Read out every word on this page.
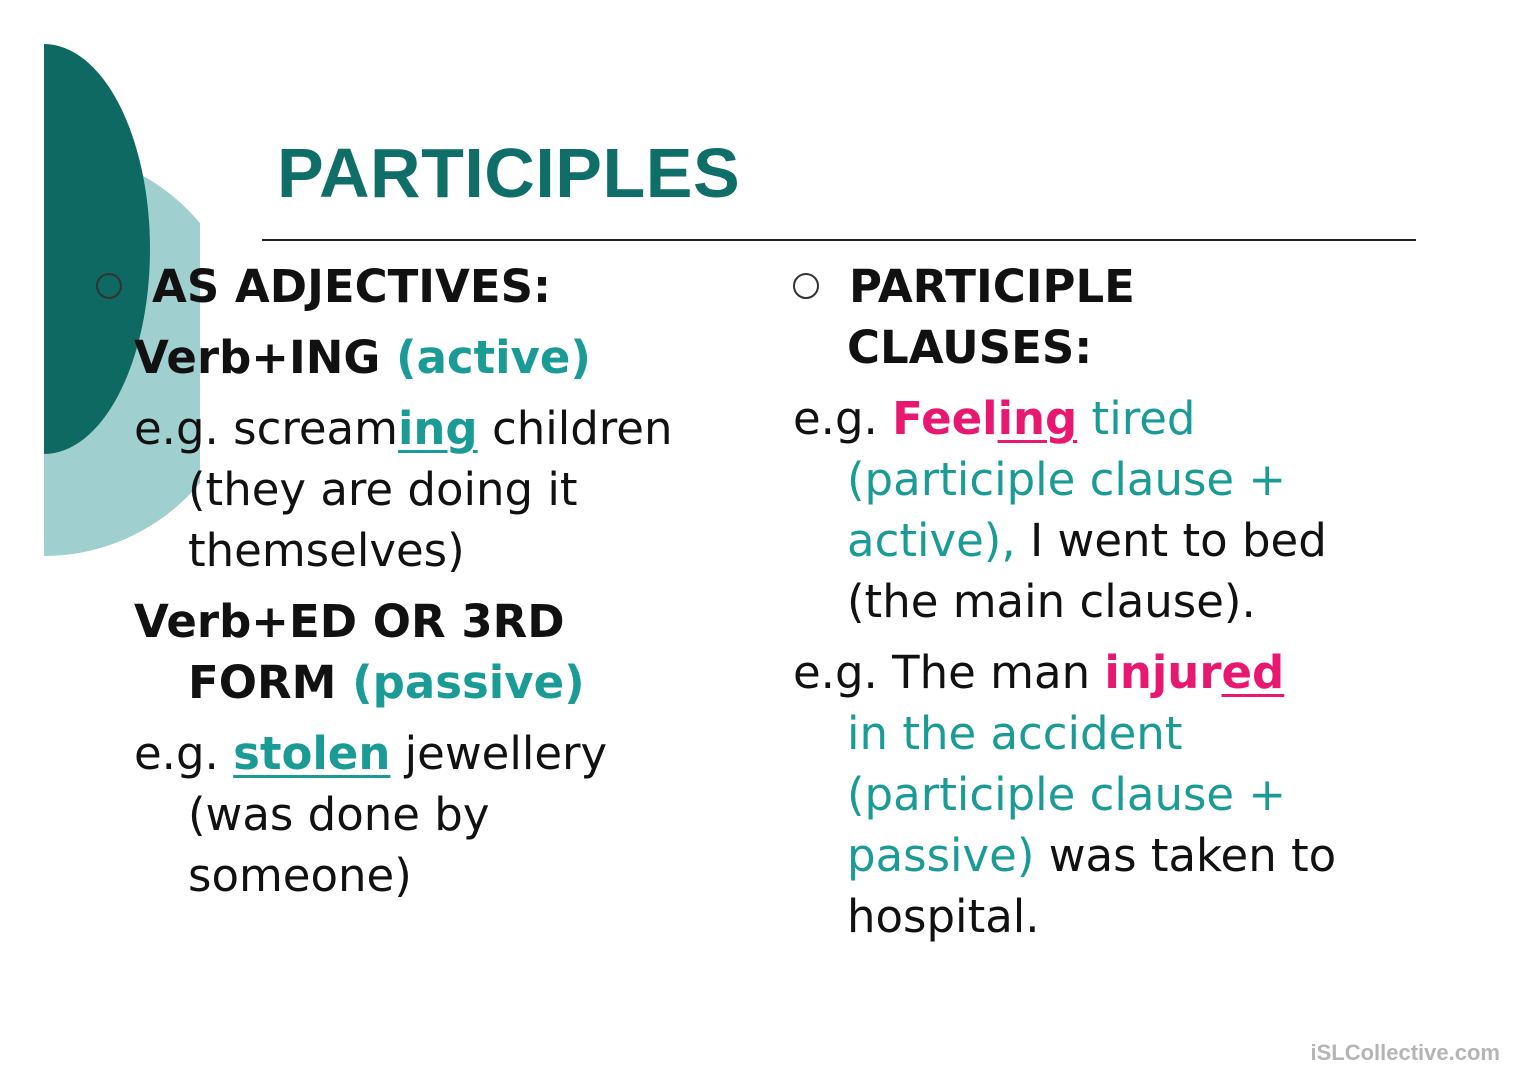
PARTICIPLES
AS ADJECTIVES:
Verb+ING (active)
e.g. screaming children
(they are doing it
themselves)
Verb+ED OR 3RD
FORM (passive)
e.g. stolen jewellery
(was done by
someone)
PARTICIPLE
CLAUSES:
e.g. Feeling tired
(participle clause +
active), I went to bed
(the main clause).
e.g. The man injured
in the accident
(participle clause +
passive) was taken to
hospital.
iSLCollective.com
